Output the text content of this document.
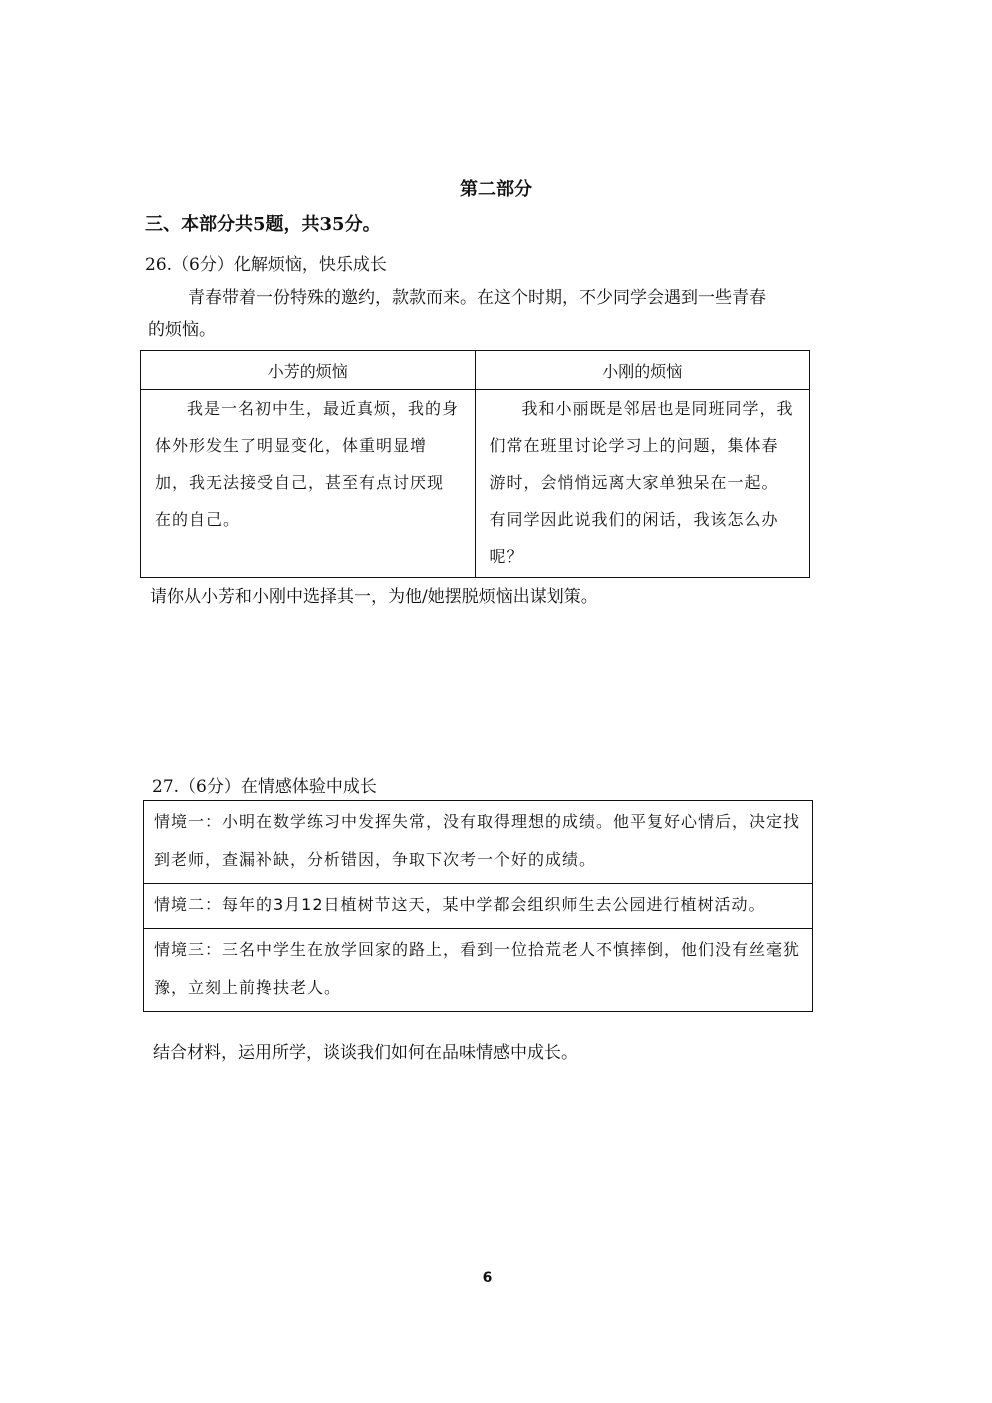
第二部分
三、本部分共5题，共35分。
26.（6分）化解烦恼，快乐成长
青春带着一份特殊的邀约，款款而来。在这个时期，不少同学会遇到一些青春
的烦恼。
小芳的烦恼	小刚的烦恼

我是一名初中生，最近真烦，我的身体外形发生了明显变化，体重明显增加，我无法接受自己，甚至有点讨厌现在的自己。	我和小丽既是邻居也是同班同学，我们常在班里讨论学习上的问题，集体春游时，会悄悄远离大家单独呆在一起。有同学因此说我们的闲话，我该怎么办呢？
请你从小芳和小刚中选择其一，为他/她摆脱烦恼出谋划策。
27.（6分）在情感体验中成长
情境一：小明在数学练习中发挥失常，没有取得理想的成绩。他平复好心情后，决定找到老师，查漏补缺，分析错因，争取下次考一个好的成绩。
情境二：每年的3月12日植树节这天，某中学都会组织师生去公园进行植树活动。
情境三：三名中学生在放学回家的路上，看到一位拾荒老人不慎摔倒，他们没有丝毫犹豫，立刻上前搀扶老人。
结合材料，运用所学，谈谈我们如何在品味情感中成长。
6
